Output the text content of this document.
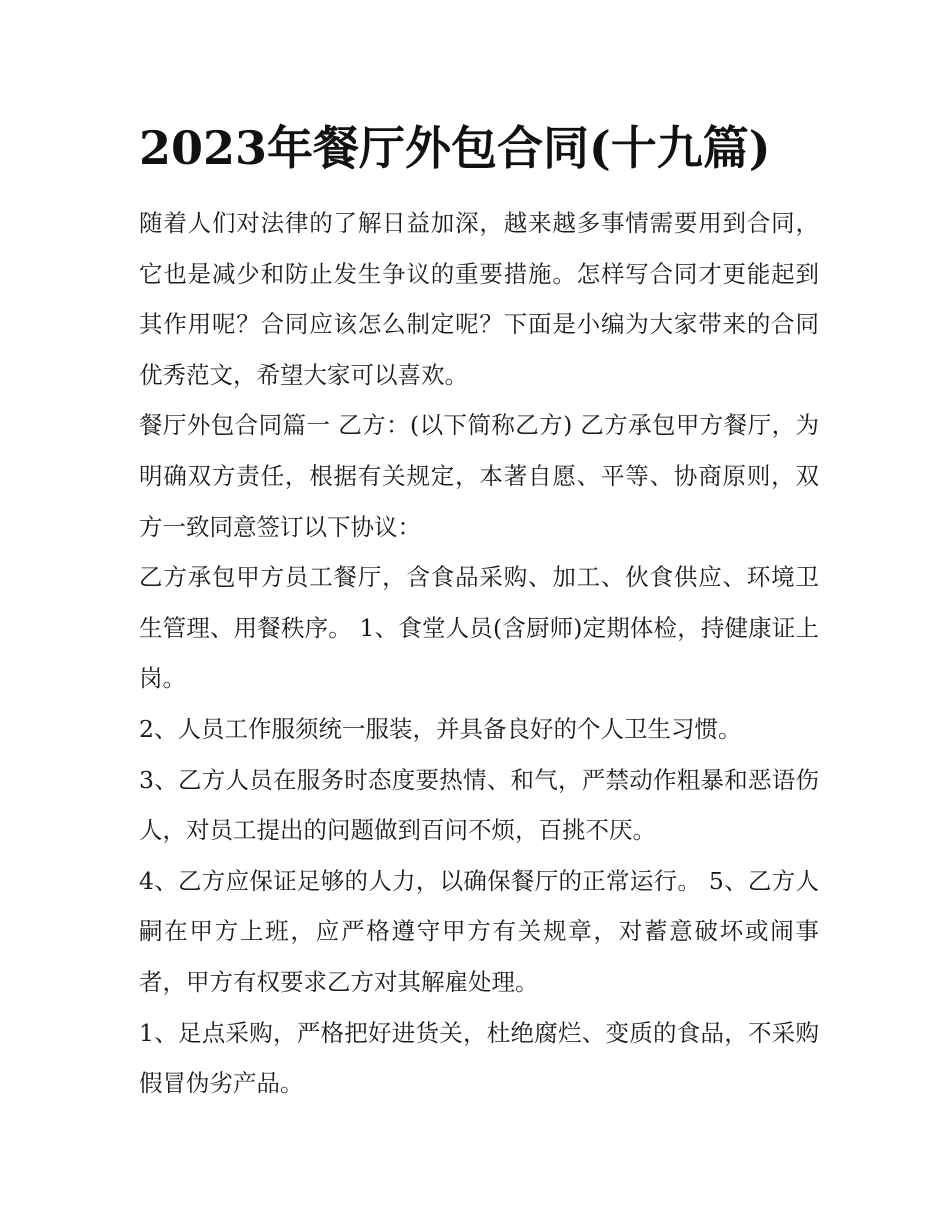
2023年餐厅外包合同(十九篇)

随着人们对法律的了解日益加深，越来越多事情需要用到合同，它也是减少和防止发生争议的重要措施。怎样写合同才更能起到其作用呢？合同应该怎么制定呢？下面是小编为大家带来的合同优秀范文，希望大家可以喜欢。

餐厅外包合同篇一 乙方：(以下简称乙方) 乙方承包甲方餐厅，为明确双方责任，根据有关规定，本著自愿、平等、协商原则，双方一致同意签订以下协议：

乙方承包甲方员工餐厅，含食品采购、加工、伙食供应、环境卫生管理、用餐秩序。 1、食堂人员(含厨师)定期体检，持健康证上岗。

2、人员工作服须统一服装，并具备良好的个人卫生习惯。

3、乙方人员在服务时态度要热情、和气，严禁动作粗暴和恶语伤人，对员工提出的问题做到百问不烦，百挑不厌。

4、乙方应保证足够的人力，以确保餐厅的正常运行。 5、乙方人嗣在甲方上班，应严格遵守甲方有关规章，对蓄意破坏或闹事者，甲方有权要求乙方对其解雇处理。

1、足点采购，严格把好进货关，杜绝腐烂、变质的食品，不采购假冒伪劣产品。
